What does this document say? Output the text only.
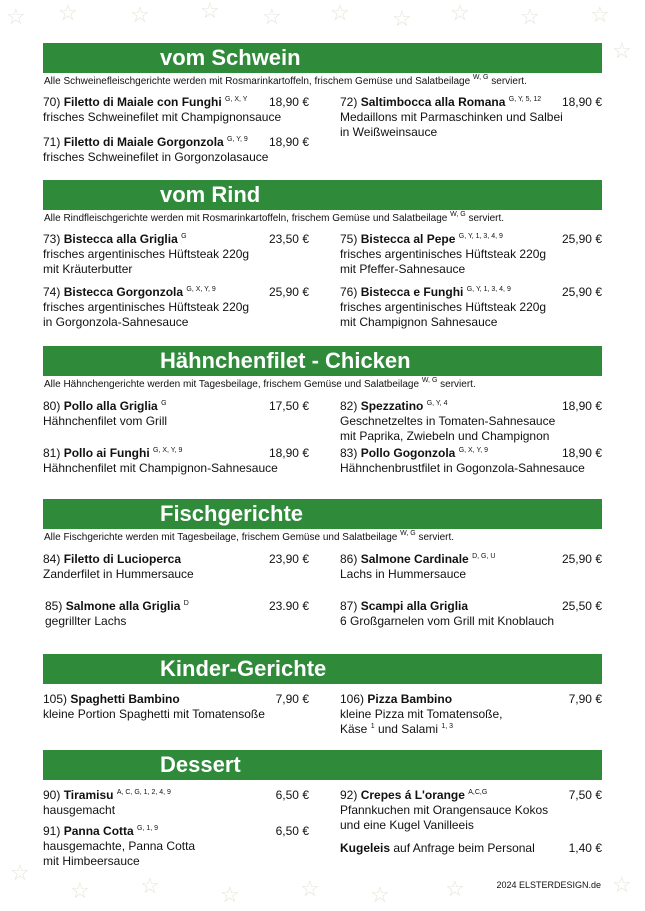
☆ ☆ ☆ ☆ ☆ ☆ ☆ ☆ ☆ ☆
☆
☆
☆ ☆	☆	☆ ☆	☆	☆
vom Schwein
Alle Schweinefleischgerichte werden mit Rosmarinkartoffeln, frischem Gemüse und Salatbeilage $^{W, G}$ serviert.
70) Filetto di Maiale con Funghi $^{G, X, Y}$	18,90 €
frisches Schweinefilet mit Champignonsauce
71) Filetto di Maiale Gorgonzola $^{G, Y, 9}$	18,90 €
frisches Schweinefilet in Gorgonzolasauce
72) Saltimbocca alla Romana $^{G, Y, 5, 12}$	18,90 €
Medaillons mit Parmaschinken und Salbei
in Weißweinsauce
vom Rind
Alle Rindfleischgerichte werden mit Rosmarinkartoffeln, frischem Gemüse und Salatbeilage $^{W, G}$ serviert.
73) Bistecca alla Griglia $^G$	23,50 €
frisches argentinisches Hüftsteak 220g
mit Kräuterbutter
74) Bistecca Gorgonzola $^{G, X, Y, 9}$	25,90 €
frisches argentinisches Hüftsteak 220g
in Gorgonzola-Sahnesauce
75) Bistecca al Pepe $^{G, Y, 1, 3, 4, 9}$	25,90 €
frisches argentinisches Hüftsteak 220g
mit Pfeffer-Sahnesauce
76) Bistecca e Funghi $^{G, Y, 1, 3, 4, 9}$	25,90 €
frisches argentinisches Hüftsteak 220g
mit Champignon Sahnesauce
Hähnchenfilet - Chicken
Alle Hähnchengerichte werden mit Tagesbeilage, frischem Gemüse und Salatbeilage $^{W, G}$ serviert.
80) Pollo alla Griglia $^G$	17,50 €
Hähnchenfilet vom Grill
81) Pollo ai Funghi $^{G, X, Y, 9}$	18,90 €
Hähnchenfilet mit Champignon-Sahnesauce
82) Spezzatino $^{G, Y, 4}$	18,90 €
Geschnetzeltes in Tomaten-Sahnesauce
mit Paprika, Zwiebeln und Champignon
83) Pollo Gogonzola $^{G, X, Y, 9}$	18,90 €
Hähnchenbrustfilet in Gogonzola-Sahnesauce
Fischgerichte
Alle Fischgerichte werden mit Tagesbeilage, frischem Gemüse und Salatbeilage $^{W, G}$ serviert.
84) Filetto di Lucioperca	23,90 €
Zanderfilet in Hummersauce
85) Salmone alla Griglia $^D$	23.90 €
gegrillter Lachs
86) Salmone Cardinale $^{D, G, U}$	25,90 €
Lachs in Hummersauce
87) Scampi alla Griglia	25,50 €
6 Großgarnelen vom Grill mit Knoblauch
Kinder-Gerichte
105) Spaghetti Bambino	7,90 €
kleine Portion Spaghetti mit Tomatensoße
106) Pizza Bambino	7,90 €
kleine Pizza mit Tomatensoße,
Käse $^1$ und Salami $^{1, 3}$
Dessert
90) Tiramisu $^{A, C, G, 1, 2, 4, 9}$	6,50 €
hausgemacht
91) Panna Cotta $^{G, 1, 9}$	6,50 €
hausgemachte, Panna Cotta
mit Himbeersauce
92) Crepes á L'orange $^{A,C,G}$	7,50 €
Pfannkuchen mit Orangensauce Kokos
und eine Kugel Vanilleeis
Kugeleis auf Anfrage beim Personal	1,40 €
2024 ELSTERDESIGN.de
